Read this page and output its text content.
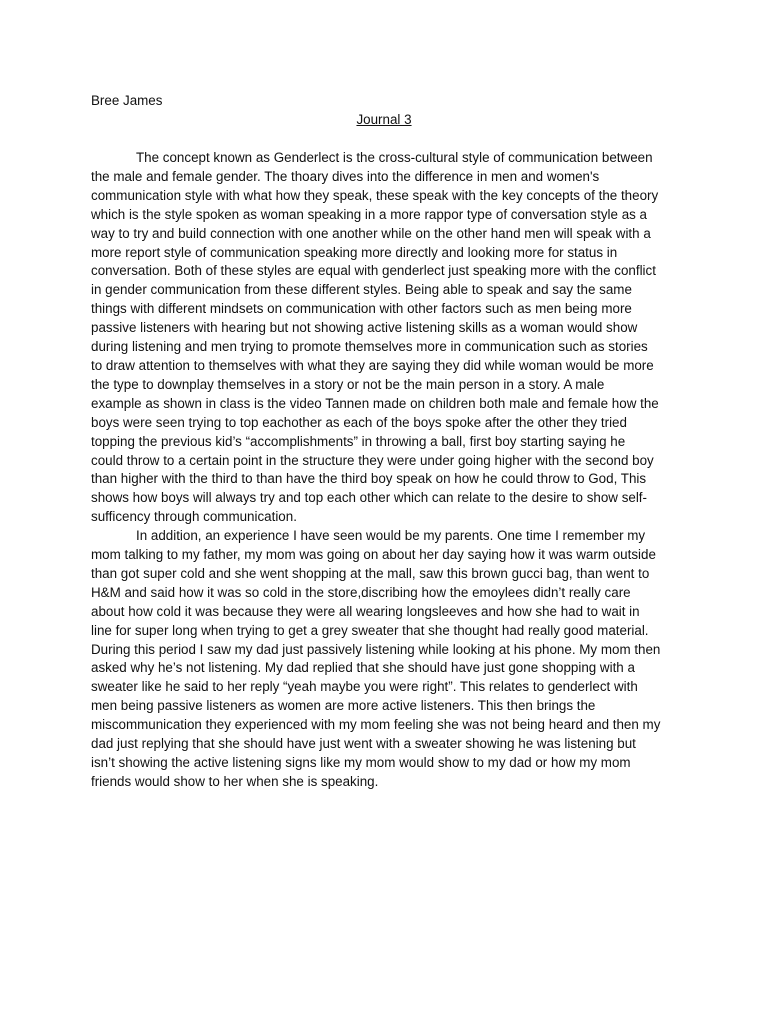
Bree James

Journal 3

The concept known as Genderlect is the cross-cultural style of communication between
the male and female gender. The thoary dives into the difference in men and women's
communication style with what how they speak, these speak with the key concepts of the theory
which is the style spoken as woman speaking in a more rappor type of conversation style as a
way to try and build connection with one another while on the other hand men will speak with a
more report style of communication speaking more directly and looking more for status in
conversation. Both of these styles are equal with genderlect just speaking more with the conflict
in gender communication from these different styles. Being able to speak and say the same
things with different mindsets on communication with other factors such as men being more
passive listeners with hearing but not showing active listening skills as a woman would show
during listening and men trying to promote themselves more in communication such as stories
to draw attention to themselves with what they are saying they did while woman would be more
the type to downplay themselves in a story or not be the main person in a story. A male
example as shown in class is the video Tannen made on children both male and female how the
boys were seen trying to top eachother as each of the boys spoke after the other they tried
topping the previous kid’s “accomplishments” in throwing a ball, first boy starting saying he
could throw to a certain point in the structure they were under going higher with the second boy
than higher with the third to than have the third boy speak on how he could throw to God, This
shows how boys will always try and top each other which can relate to the desire to show self-
sufficency through communication.

In addition, an experience I have seen would be my parents. One time I remember my
mom talking to my father, my mom was going on about her day saying how it was warm outside
than got super cold and she went shopping at the mall, saw this brown gucci bag, than went to
H&M and said how it was so cold in the store,discribing how the emoylees didn’t really care
about how cold it was because they were all wearing longsleeves and how she had to wait in
line for super long when trying to get a grey sweater that she thought had really good material.
During this period I saw my dad just passively listening while looking at his phone. My mom then
asked why he’s not listening. My dad replied that she should have just gone shopping with a
sweater like he said to her reply “yeah maybe you were right”. This relates to genderlect with
men being passive listeners as women are more active listeners. This then brings the
miscommunication they experienced with my mom feeling she was not being heard and then my
dad just replying that she should have just went with a sweater showing he was listening but
isn’t showing the active listening signs like my mom would show to my dad or how my mom
friends would show to her when she is speaking.
